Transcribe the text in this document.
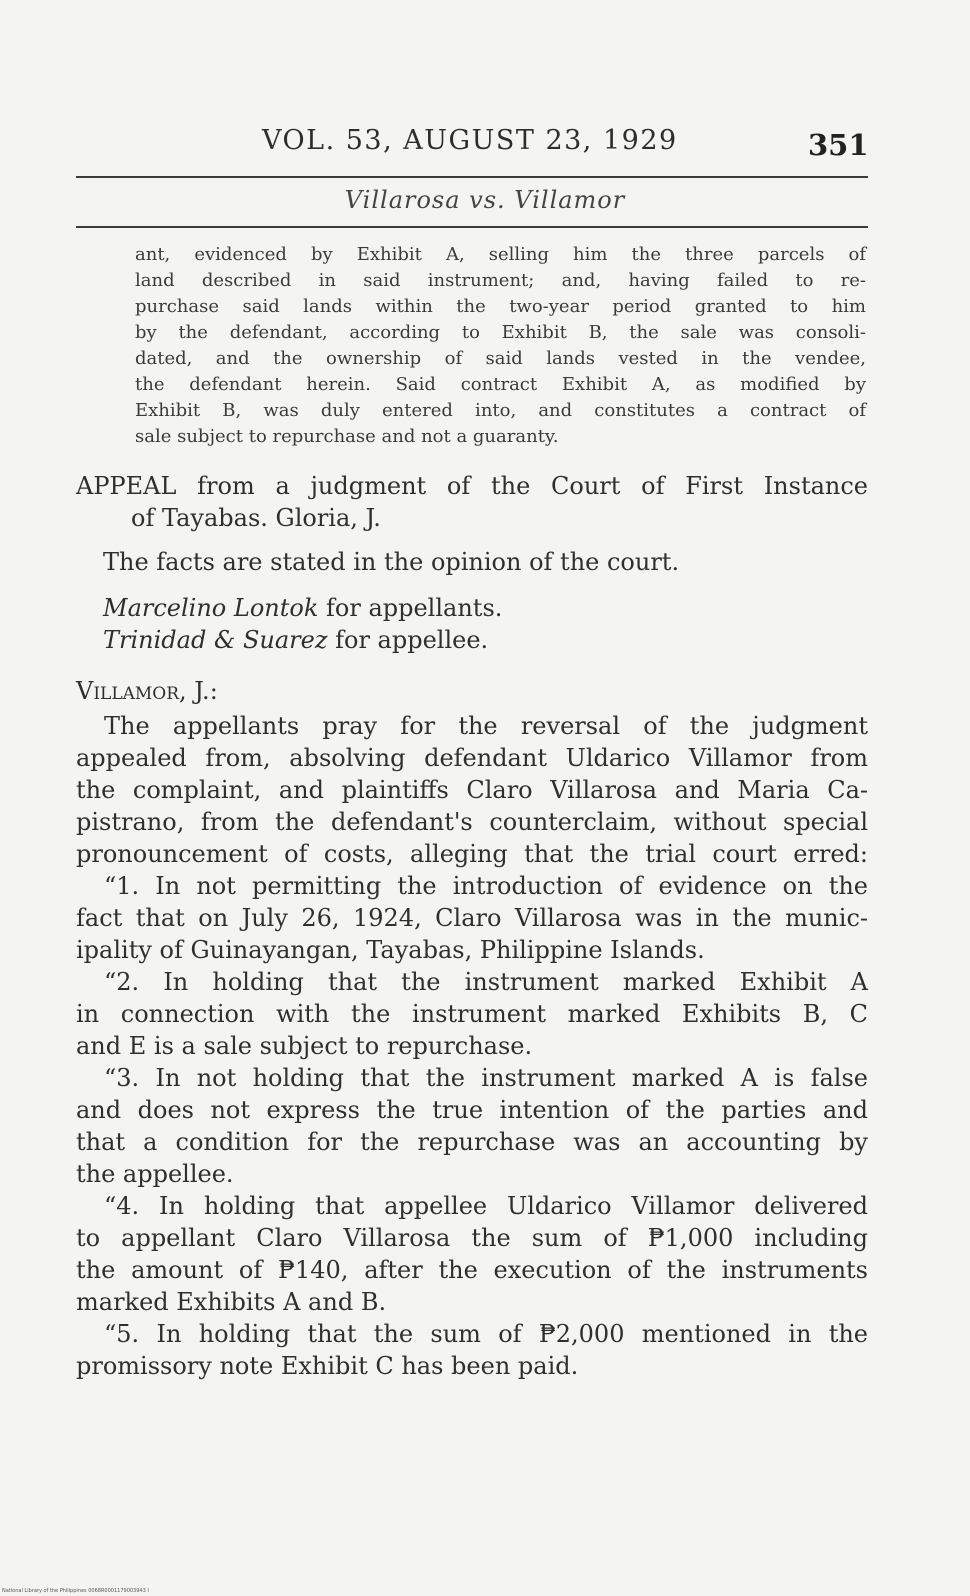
VOL. 53, AUGUST 23, 1929	351
Villarosa vs. Villamor
ant, evidenced by Exhibit A, selling him the three parcels of
land described in said instrument; and, having failed to re-
purchase said lands within the two-year period granted to him
by the defendant, according to Exhibit B, the sale was consoli-
dated, and the ownership of said lands vested in the vendee,
the defendant herein. Said contract Exhibit A, as modified by
Exhibit B, was duly entered into, and constitutes a contract of
sale subject to repurchase and not a guaranty.
APPEAL from a judgment of the Court of First Instance
of Tayabas. Gloria, J.
The facts are stated in the opinion of the court.
Marcelino Lontok for appellants.
Trinidad & Suarez for appellee.
Villamor, J.:
The appellants pray for the reversal of the judgment
appealed from, absolving defendant Uldarico Villamor from
the complaint, and plaintiffs Claro Villarosa and Maria Ca-
pistrano, from the defendant's counterclaim, without special
pronouncement of costs, alleging that the trial court erred:
“1. In not permitting the introduction of evidence on the
fact that on July 26, 1924, Claro Villarosa was in the munic-
ipality of Guinayangan, Tayabas, Philippine Islands.
“2. In holding that the instrument marked Exhibit A
in connection with the instrument marked Exhibits B, C
and E is a sale subject to repurchase.
“3. In not holding that the instrument marked A is false
and does not express the true intention of the parties and
that a condition for the repurchase was an accounting by
the appellee.
“4. In holding that appellee Uldarico Villamor delivered
to appellant Claro Villarosa the sum of ₱1,000 including
the amount of ₱140, after the execution of the instruments
marked Exhibits A and B.
“5. In holding that the sum of ₱2,000 mentioned in the
promissory note Exhibit C has been paid.
National Library of the Philippines 0068R0001179003943 I
